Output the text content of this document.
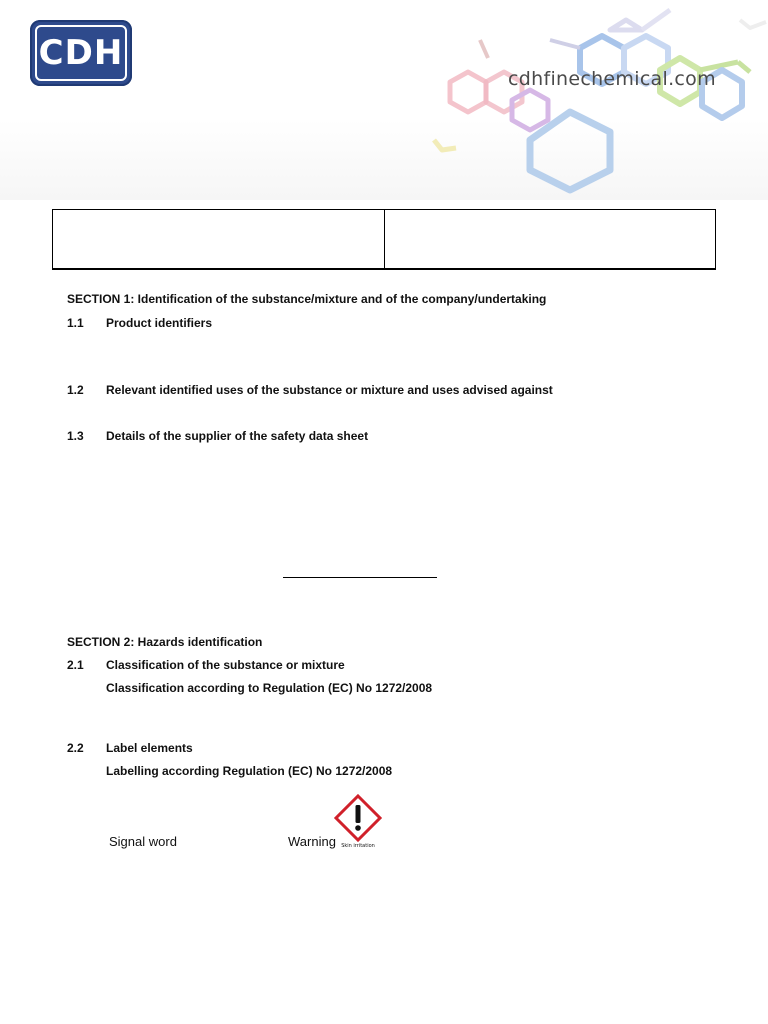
CDH
cdhfinechemical.com
SECTION 1: Identification of the substance/mixture and of the company/undertaking
1.1 Product identifiers
1.2 Relevant identified uses of the substance or mixture and uses advised against
1.3 Details of the supplier of the safety data sheet
SECTION 2: Hazards identification
2.1 Classification of the substance or mixture
Classification according to Regulation (EC) No 1272/2008
2.2 Label elements
Labelling according Regulation (EC) No 1272/2008
Signal word	Warning Skin irritation
